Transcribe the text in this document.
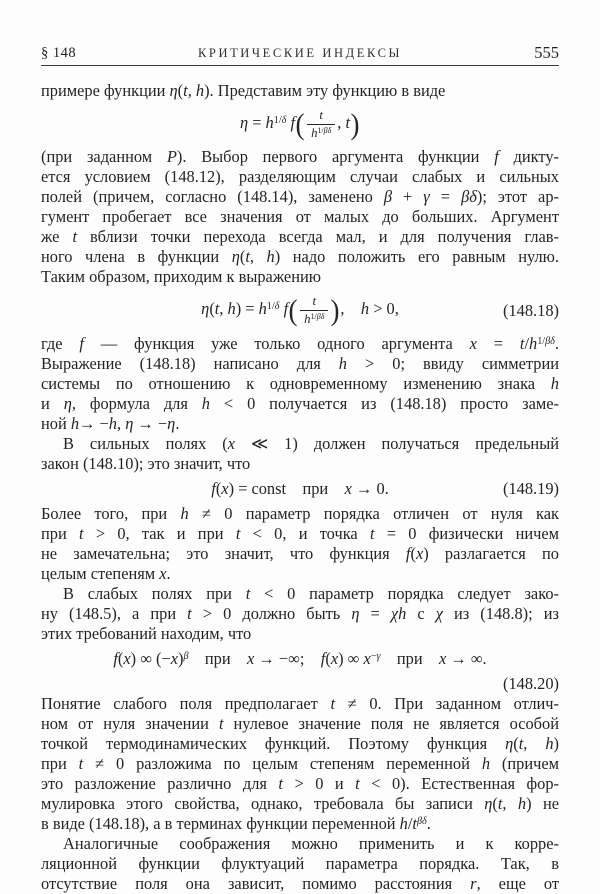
§ 148	КРИТИЧЕСКИЕ ИНДЕКСЫ	555
примере функции η(t, h). Представим эту функцию в виде
$\eta = h^{1/\delta}$ $f( \frac{t}{h^{1/\beta\delta}}$ , t)
(при заданном P). Выбор первого аргумента функции f дикту-
ется условием (148.12), разделяющим случаи слабых и сильных
полей (причем, согласно (148.14), заменено β + γ = βδ); этот ар-
гумент пробегает все значения от малых до больших. Аргумент
же t вблизи точки перехода всегда мал, и для получения глав-
ного члена в функции η(t, h) надо положить его равным нулю.
Таким образом, приходим к выражению
η(t, $h) = h^{1/\delta}$ $f( \frac{t}{h^{1/\beta\delta}}$ ),  h > 0,	(148.18)
где f — функция уже только одного аргумента $x = t/h^{1/\beta\delta}$.
Выражение (148.18) написано для h > 0; ввиду симметрии
системы по отношению к одновременному изменению знака h
и η, формула для h < 0 получается из (148.18) просто заме-
ной h→ −h, η → −η.
В сильных полях (x ≪ 1) должен получаться предельный
закон (148.10); это значит, что
f(x) = const при x → 0.	(148.19)
Более того, при h ≠ 0 параметр порядка отличен от нуля как
при t > 0, так и при t < 0, и точка t = 0 физически ничем
не замечательна; это значит, что функция f(x) разлагается по
целым степеням x.
В слабых полях при t < 0 параметр порядка следует зако-
ну (148.5), а при t > 0 должно быть η = χh с χ из (148.8); из
этих требований находим, что
f(x) ∞ $(-x)^\beta$ при x → −∞;  f(x) ∞ $x^{-\gamma}$ при x → ∞.
(148.20)
Понятие слабого поля предполагает t ≠ 0. При заданном отлич-
ном от нуля значении t нулевое значение поля не является особой
точкой термодинамических функций. Поэтому функция η(t, h)
при t ≠ 0 разложима по целым степеням переменной h (причем
это разложение различно для t > 0 и t < 0). Естественная фор-
мулировка этого свойства, однако, требовала бы записи η(t, h) не
в виде (148.18), а в терминах функции переменной $h/t^{\beta\delta}$.
Аналогичные соображения можно применить и к корре-
ляционной функции флуктуаций параметра порядка. Так, в
отсутствие поля она зависит, помимо расстояния r, еще от
